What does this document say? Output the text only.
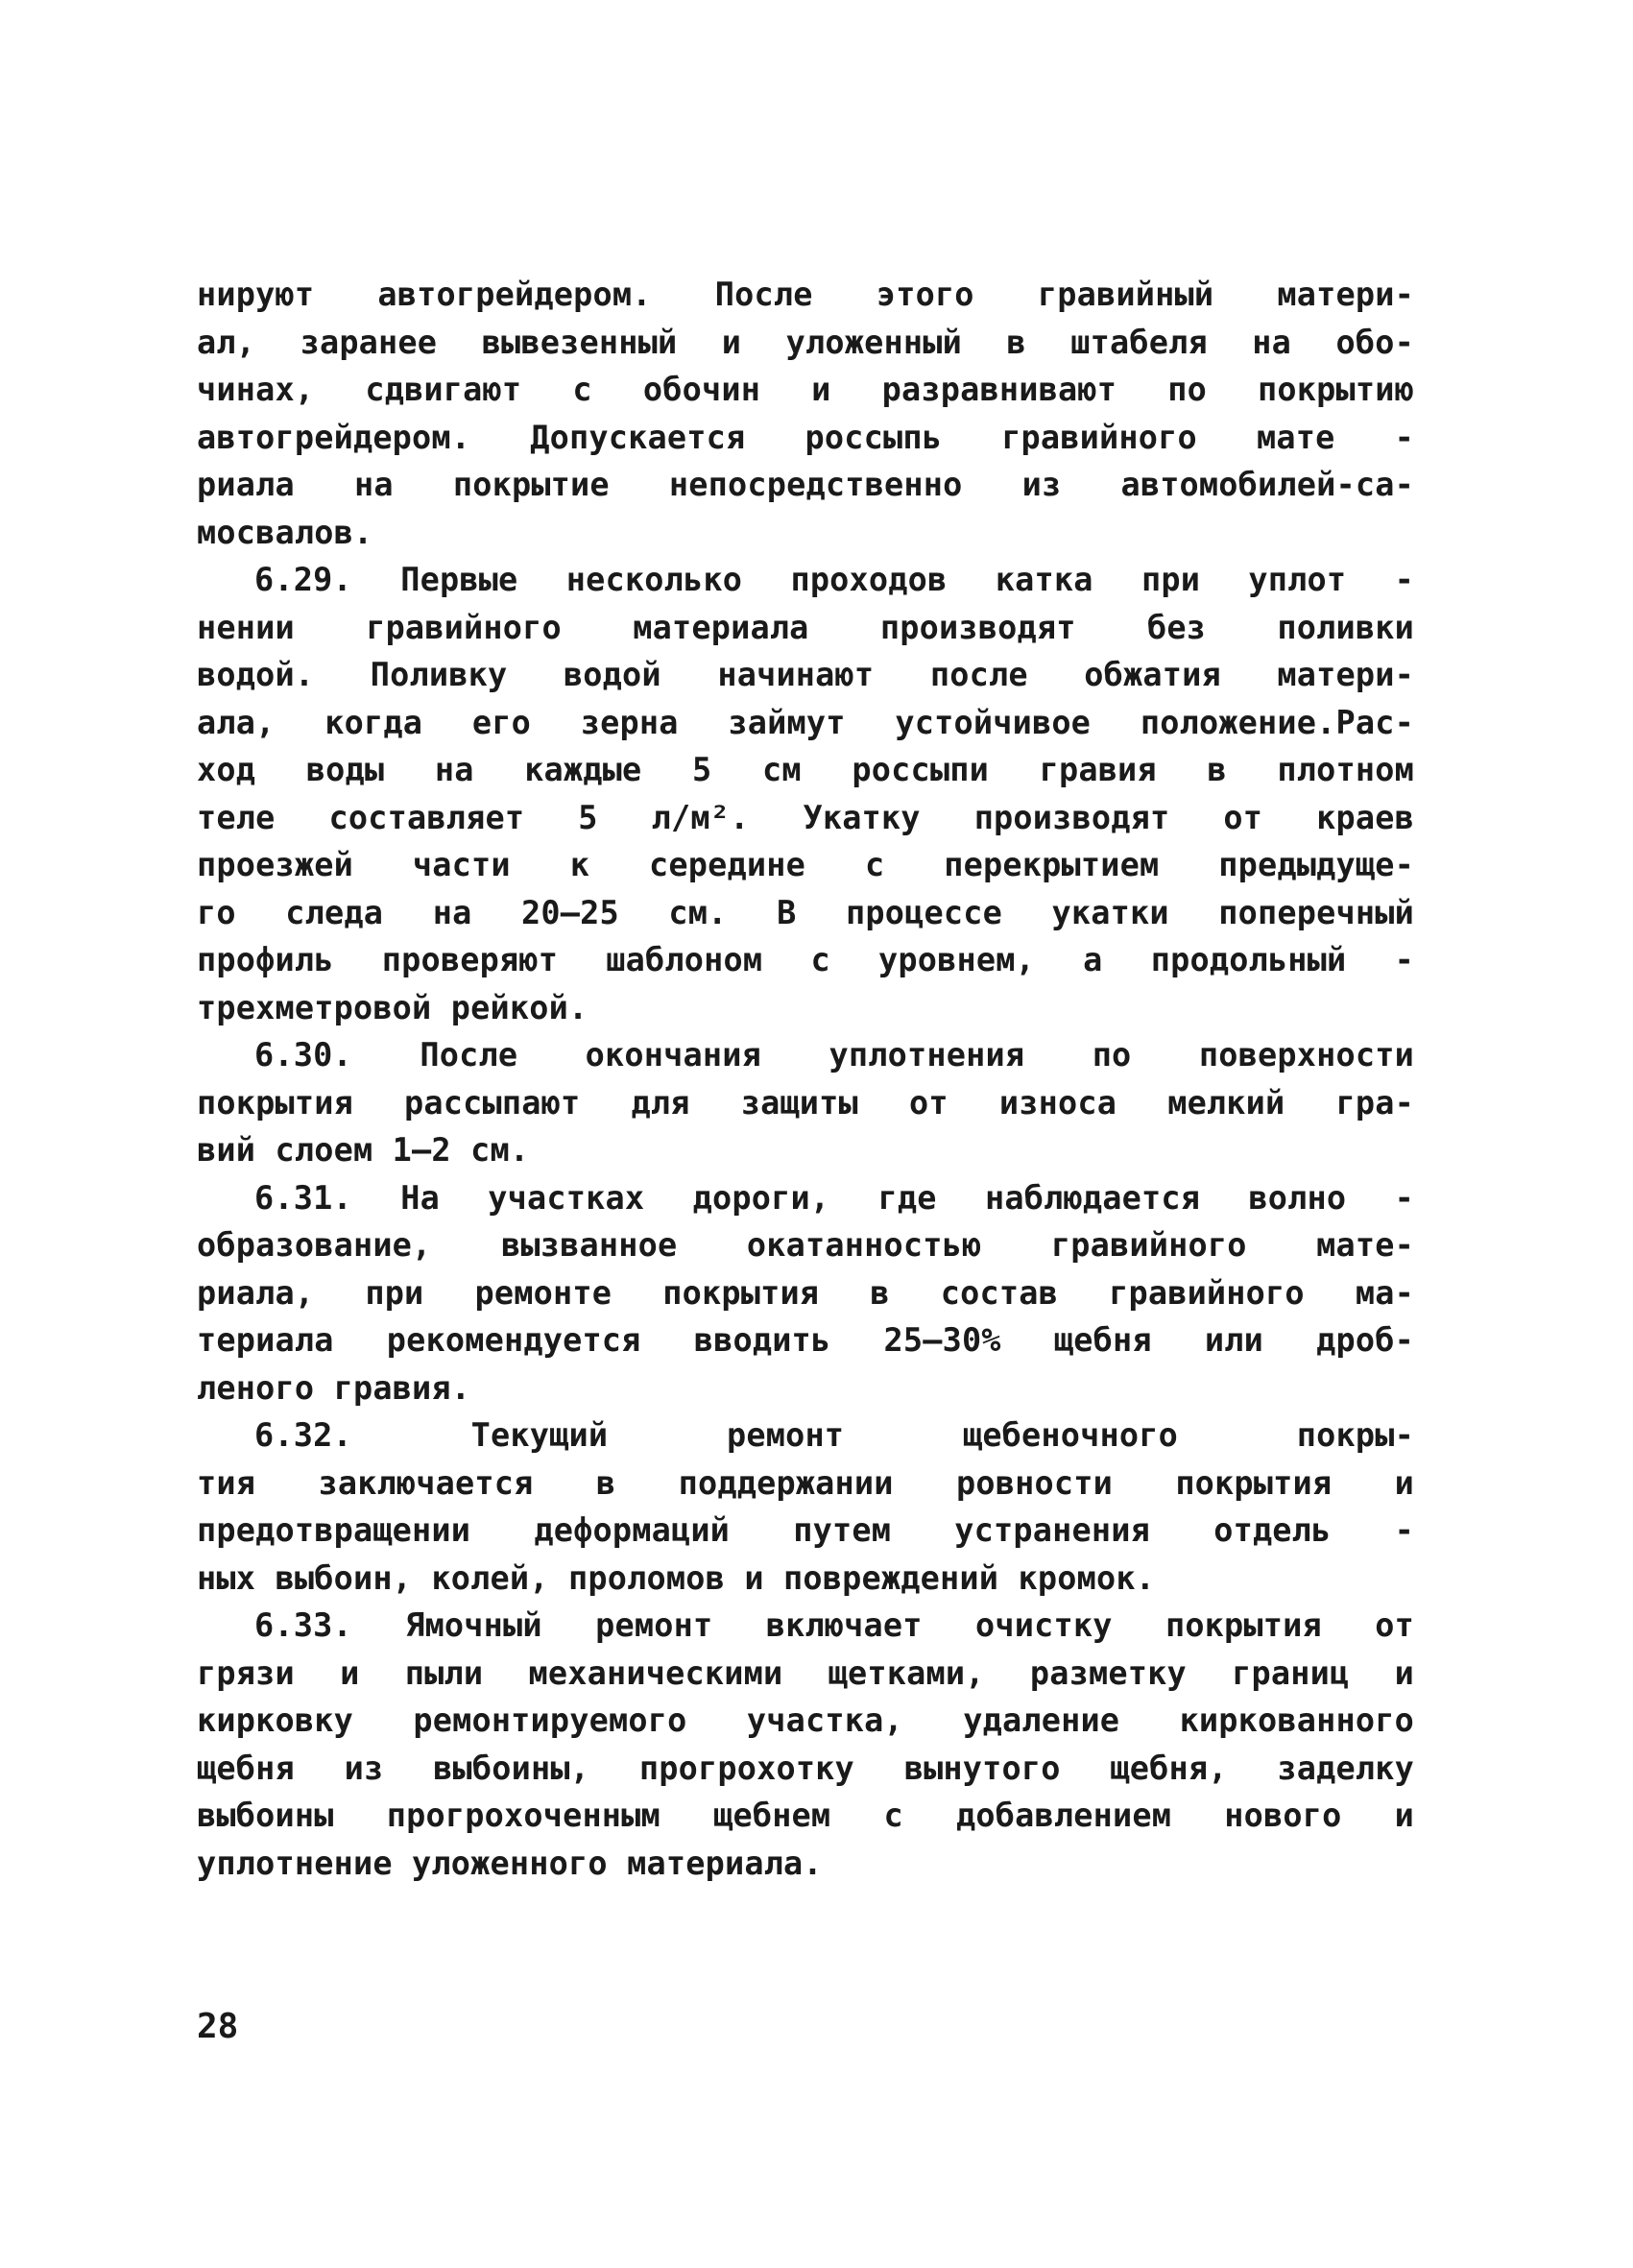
нируют автогрейдером. После этого гравийный матери-
ал, заранее вывезенный и уложенный в штабеля на обо-
чинах, сдвигают с обочин и разравнивают по покрытию
автогрейдером. Допускается россыпь гравийного мате -
риала на покрытие непосредственно из автомобилей-са-
мосвалов.
6.29. Первые несколько проходов катка при уплот -
нении гравийного материала производят без поливки
водой. Поливку водой начинают после обжатия матери-
ала, когда его зерна займут устойчивое положение.Рас-
ход воды на каждые 5 см россыпи гравия в плотном
теле составляет 5 л/м². Укатку производят от краев
проезжей части к середине с перекрытием предыдуще-
го следа на 20–25 см. В процессе укатки поперечный
профиль проверяют шаблоном с уровнем, а продольный -
трехметровой рейкой.
6.30. После окончания уплотнения по поверхности
покрытия рассыпают для защиты от износа мелкий гра-
вий слоем 1–2 см.
6.31. На участках дороги, где наблюдается волно -
образование, вызванное окатанностью гравийного мате-
риала, при ремонте покрытия в состав гравийного ма-
териала рекомендуется вводить 25–30% щебня или дроб-
леного гравия.
6.32. Текущий ремонт щебеночного покры-
тия заключается в поддержании ровности покрытия и
предотвращении деформаций путем устранения отдель -
ных выбоин, колей, проломов и повреждений кромок.
6.33. Ямочный ремонт включает очистку покрытия от
грязи и пыли механическими щетками, разметку границ и
кирковку ремонтируемого участка, удаление киркованного
щебня из выбоины, прогрохотку вынутого щебня, заделку
выбоины прогрохоченным щебнем с добавлением нового и
уплотнение уложенного материала.
28
